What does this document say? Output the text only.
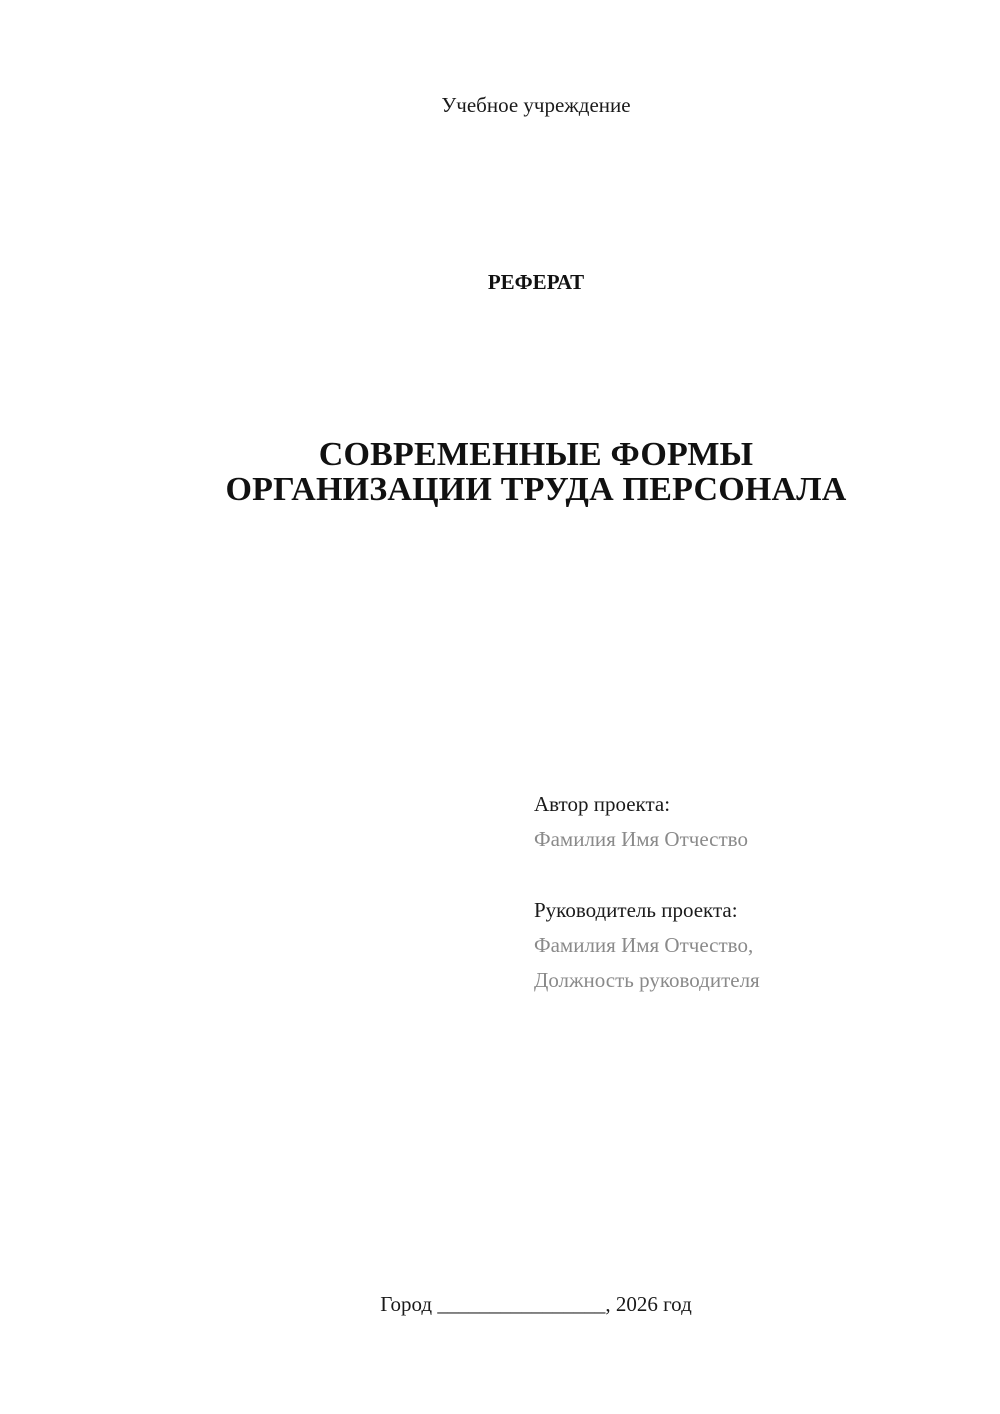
Учебное учреждение
РЕФЕРАТ
СОВРЕМЕННЫЕ ФОРМЫ
ОРГАНИЗАЦИИ ТРУДА ПЕРСОНАЛА
Автор проекта:
Фамилия Имя Отчество
Руководитель проекта:
Фамилия Имя Отчество,
Должность руководителя
Город ________________, 2026 год
